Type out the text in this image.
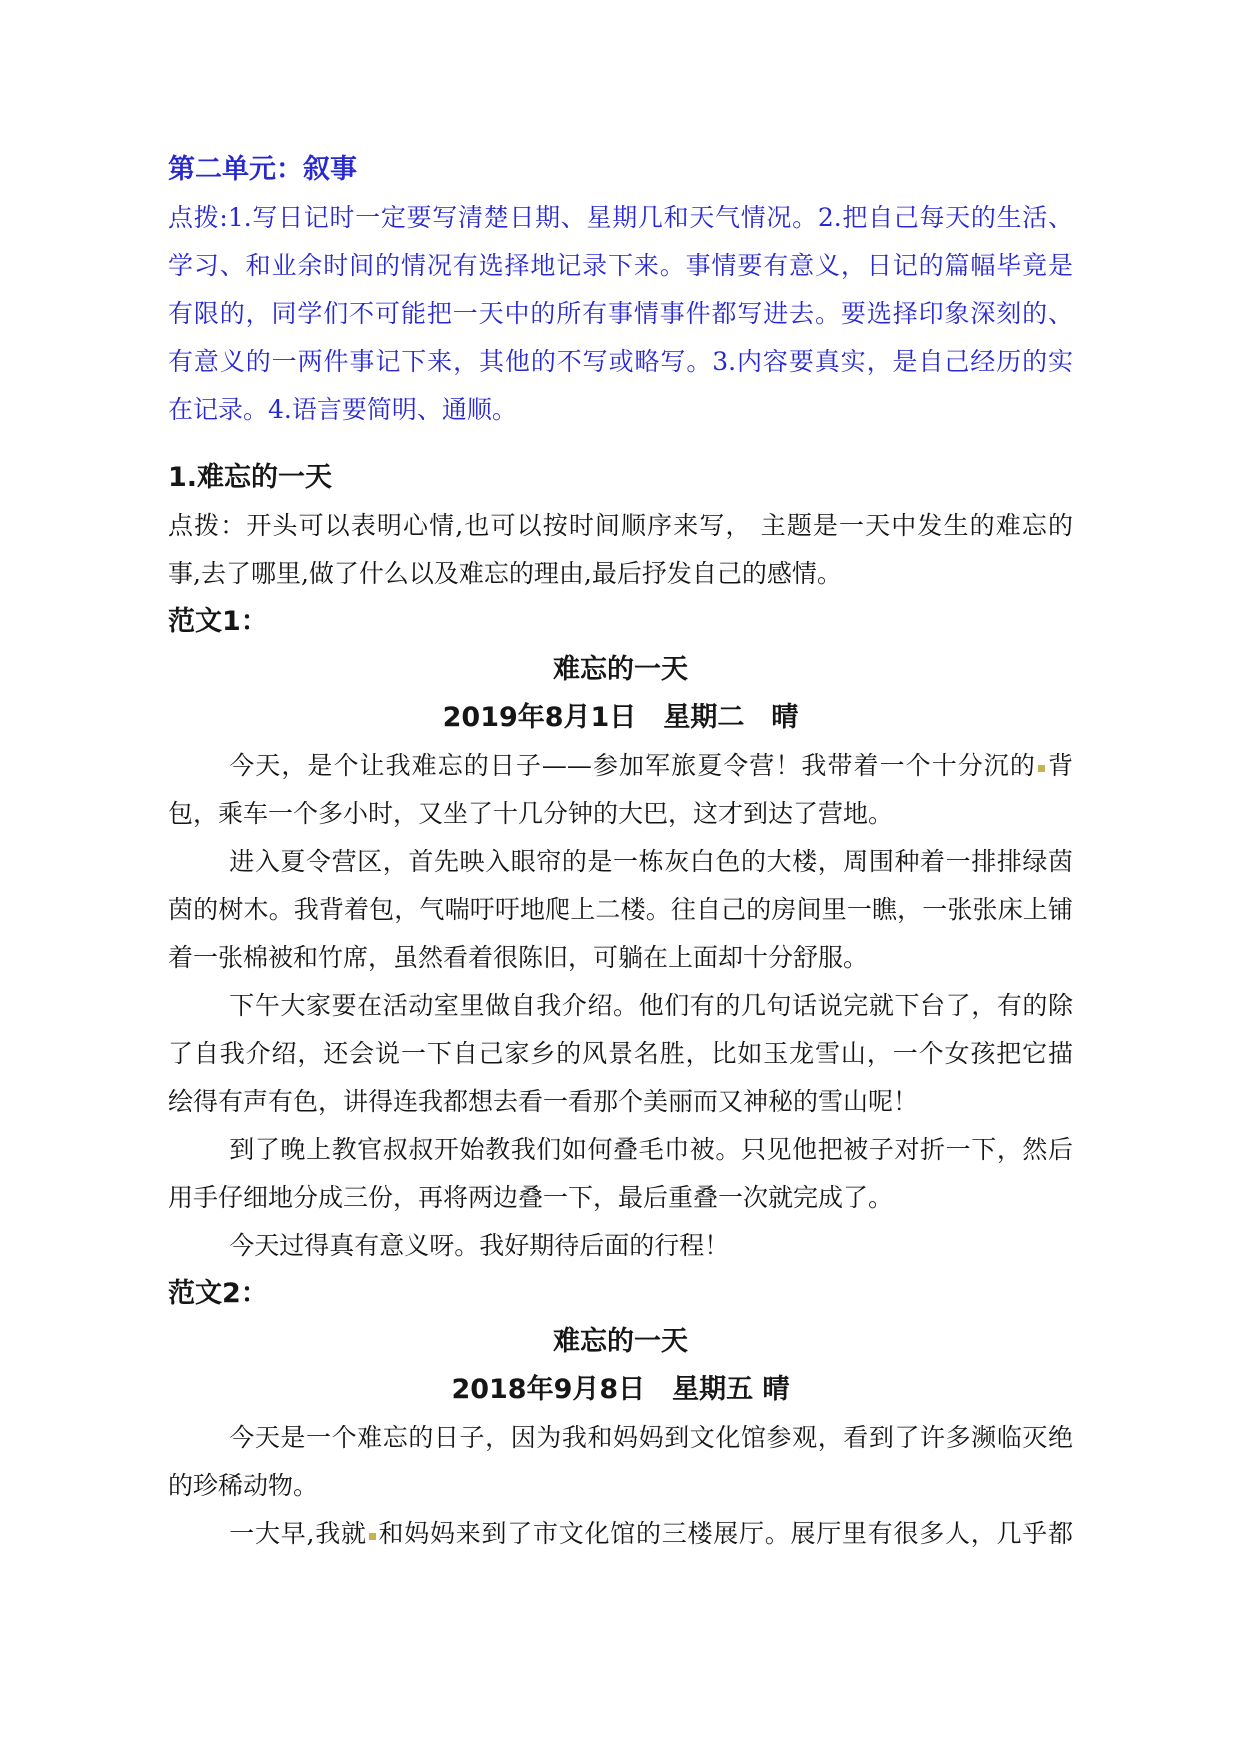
第二单元：叙事
点拨:1.写日记时一定要写清楚日期、星期几和天气情况。2.把自己每天的生活、
学习、和业余时间的情况有选择地记录下来。事情要有意义，日记的篇幅毕竟是
有限的，同学们不可能把一天中的所有事情事件都写进去。要选择印象深刻的、
有意义的一两件事记下来，其他的不写或略写。3.内容要真实，是自己经历的实
在记录。4.语言要简明、通顺。
1.难忘的一天
点拨：开头可以表明心情,也可以按时间顺序来写， 主题是一天中发生的难忘的
事,去了哪里,做了什么以及难忘的理由,最后抒发自己的感情。
范文1：
难忘的一天
2019年8月1日　星期二　晴
今天，是个让我难忘的日子——参加军旅夏令营！我带着一个十分沉的 背
包，乘车一个多小时，又坐了十几分钟的大巴，这才到达了营地。
进入夏令营区，首先映入眼帘的是一栋灰白色的大楼，周围种着一排排绿茵
茵的树木。我背着包，气喘吁吁地爬上二楼。往自己的房间里一瞧，一张张床上铺
着一张棉被和竹席，虽然看着很陈旧，可躺在上面却十分舒服。
下午大家要在活动室里做自我介绍。他们有的几句话说完就下台了，有的除
了自我介绍，还会说一下自己家乡的风景名胜，比如玉龙雪山，一个女孩把它描
绘得有声有色，讲得连我都想去看一看那个美丽而又神秘的雪山呢！
到了晚上教官叔叔开始教我们如何叠毛巾被。只见他把被子对折一下，然后
用手仔细地分成三份，再将两边叠一下，最后重叠一次就完成了。
今天过得真有意义呀。我好期待后面的行程！
范文2：
难忘的一天
2018年9月8日　星期五 晴
今天是一个难忘的日子，因为我和妈妈到文化馆参观，看到了许多濒临灭绝
的珍稀动物。
一大早,我就 和妈妈来到了市文化馆的三楼展厅。展厅里有很多人，几乎都
